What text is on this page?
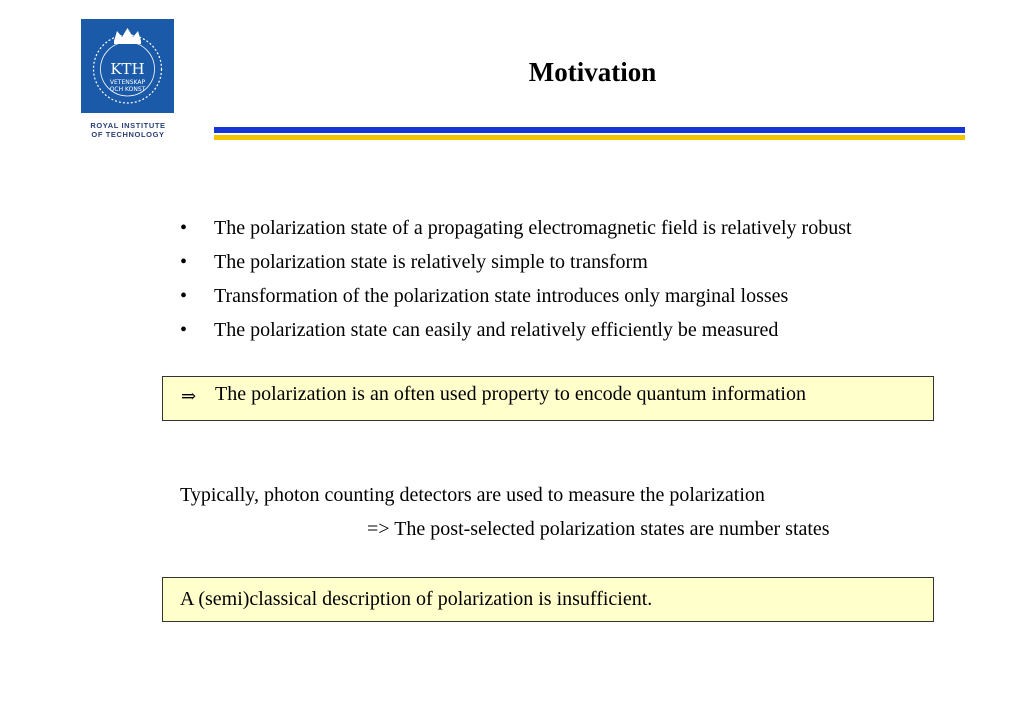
KTH
VETENSKAP
OCH KONST
ROYAL INSTITUTE
OF TECHNOLOGY
Motivation
• The polarization state of a propagating electromagnetic field is relatively robust
• The polarization state is relatively simple to transform
• Transformation of the polarization state introduces only marginal losses
• The polarization state can easily and relatively efficiently be measured
⇒ The polarization is an often used property to encode quantum information
Typically, photon counting detectors are used to measure the polarization
=> The post-selected polarization states are number states
A (semi)classical description of polarization is insufficient.
